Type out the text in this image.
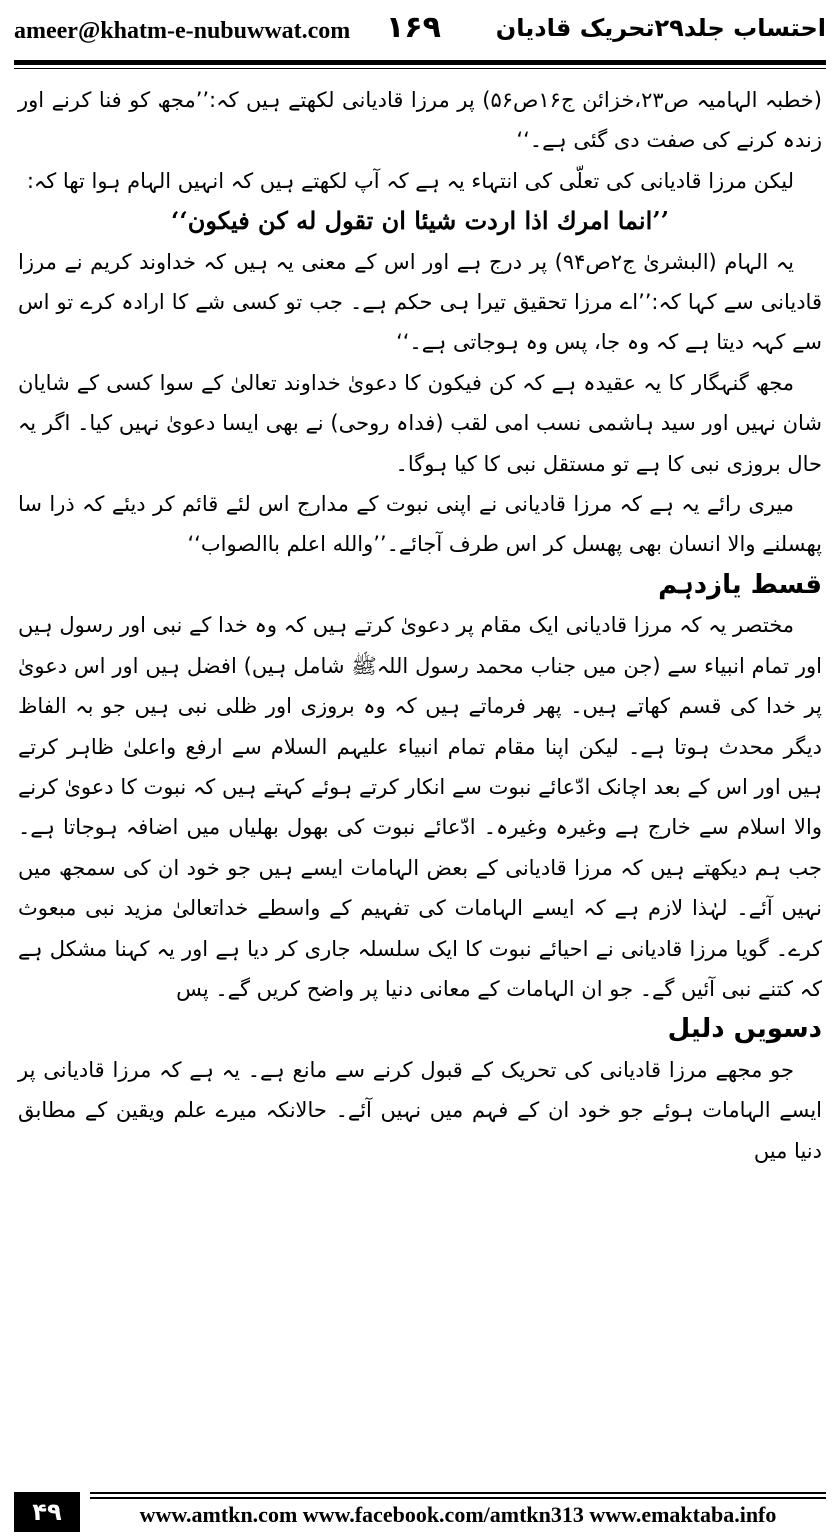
ameer@khatm-e-nubuwwat.com ۱۶۹ احتساب جلد۲۹تحریک قادیان

(خطبہ الہامیہ ص۲۳،خزائن ج۱۶ص۵۶) پر مرزا قادیانی لکھتے ہیں کہ:’’مجھ کو فنا کرنے اور زندہ کرنے کی صفت دی گئی ہے۔‘‘

لیکن مرزا قادیانی کی تعلّی کی انتہاء یہ ہے کہ آپ لکھتے ہیں کہ انہیں الہام ہوا تھا کہ:

’’انما امرك اذا اردت شیئا ان تقول له کن فیکون‘‘

یہ الہام (البشریٰ ج۲ص۹۴) پر درج ہے اور اس کے معنی یہ ہیں کہ خداوند کریم نے مرزا قادیانی سے کہا کہ:’’اے مرزا تحقیق تیرا ہی حکم ہے۔ جب تو کسی شے کا ارادہ کرے تو اس سے کہہ دیتا ہے کہ وہ جا، پس وہ ہوجاتی ہے۔‘‘

مجھ گنہگار کا یہ عقیدہ ہے کہ کن فیکون کا دعویٰ خداوند تعالیٰ کے سوا کسی کے شایان شان نہیں اور سید ہاشمی نسب امی لقب (فداہ روحی) نے بھی ایسا دعویٰ نہیں کیا۔ اگر یہ حال بروزی نبی کا ہے تو مستقل نبی کا کیا ہوگا۔

میری رائے یہ ہے کہ مرزا قادیانی نے اپنی نبوت کے مدارج اس لئے قائم کر دیئے کہ ذرا سا پھسلنے والا انسان بھی پھسل کر اس طرف آجائے۔’’والله اعلم باالصواب‘‘

قسط یازدہم

مختصر یہ کہ مرزا قادیانی ایک مقام پر دعویٰ کرتے ہیں کہ وہ خدا کے نبی اور رسول ہیں اور تمام انبیاء سے (جن میں جناب محمد رسول اللہﷺ شامل ہیں) افضل ہیں اور اس دعویٰ پر خدا کی قسم کھاتے ہیں۔ پھر فرماتے ہیں کہ وہ بروزی اور ظلی نبی ہیں جو بہ الفاظ دیگر محدث ہوتا ہے۔ لیکن اپنا مقام تمام انبیاء علیہم السلام سے ارفع واعلیٰ ظاہر کرتے ہیں اور اس کے بعد اچانک ادّعائے نبوت سے انکار کرتے ہوئے کہتے ہیں کہ نبوت کا دعویٰ کرنے والا اسلام سے خارج ہے وغیرہ وغیرہ۔ ادّعائے نبوت کی بھول بھلیاں میں اضافہ ہوجاتا ہے۔ جب ہم دیکھتے ہیں کہ مرزا قادیانی کے بعض الہامات ایسے ہیں جو خود ان کی سمجھ میں نہیں آئے۔ لہٰذا لازم ہے کہ ایسے الہامات کی تفہیم کے واسطے خداتعالیٰ مزید نبی مبعوث کرے۔ گویا مرزا قادیانی نے احیائے نبوت کا ایک سلسلہ جاری کر دیا ہے اور یہ کہنا مشکل ہے کہ کتنے نبی آئیں گے۔ جو ان الہامات کے معانی دنیا پر واضح کریں گے۔ پس

دسویں دلیل

جو مجھے مرزا قادیانی کی تحریک کے قبول کرنے سے مانع ہے۔ یہ ہے کہ مرزا قادیانی پر ایسے الہامات ہوئے جو خود ان کے فہم میں نہیں آئے۔ حالانکہ میرے علم ویقین کے مطابق دنیا میں

۴۹	www.amtkn.com www.facebook.com/amtkn313 www.emaktaba.info
